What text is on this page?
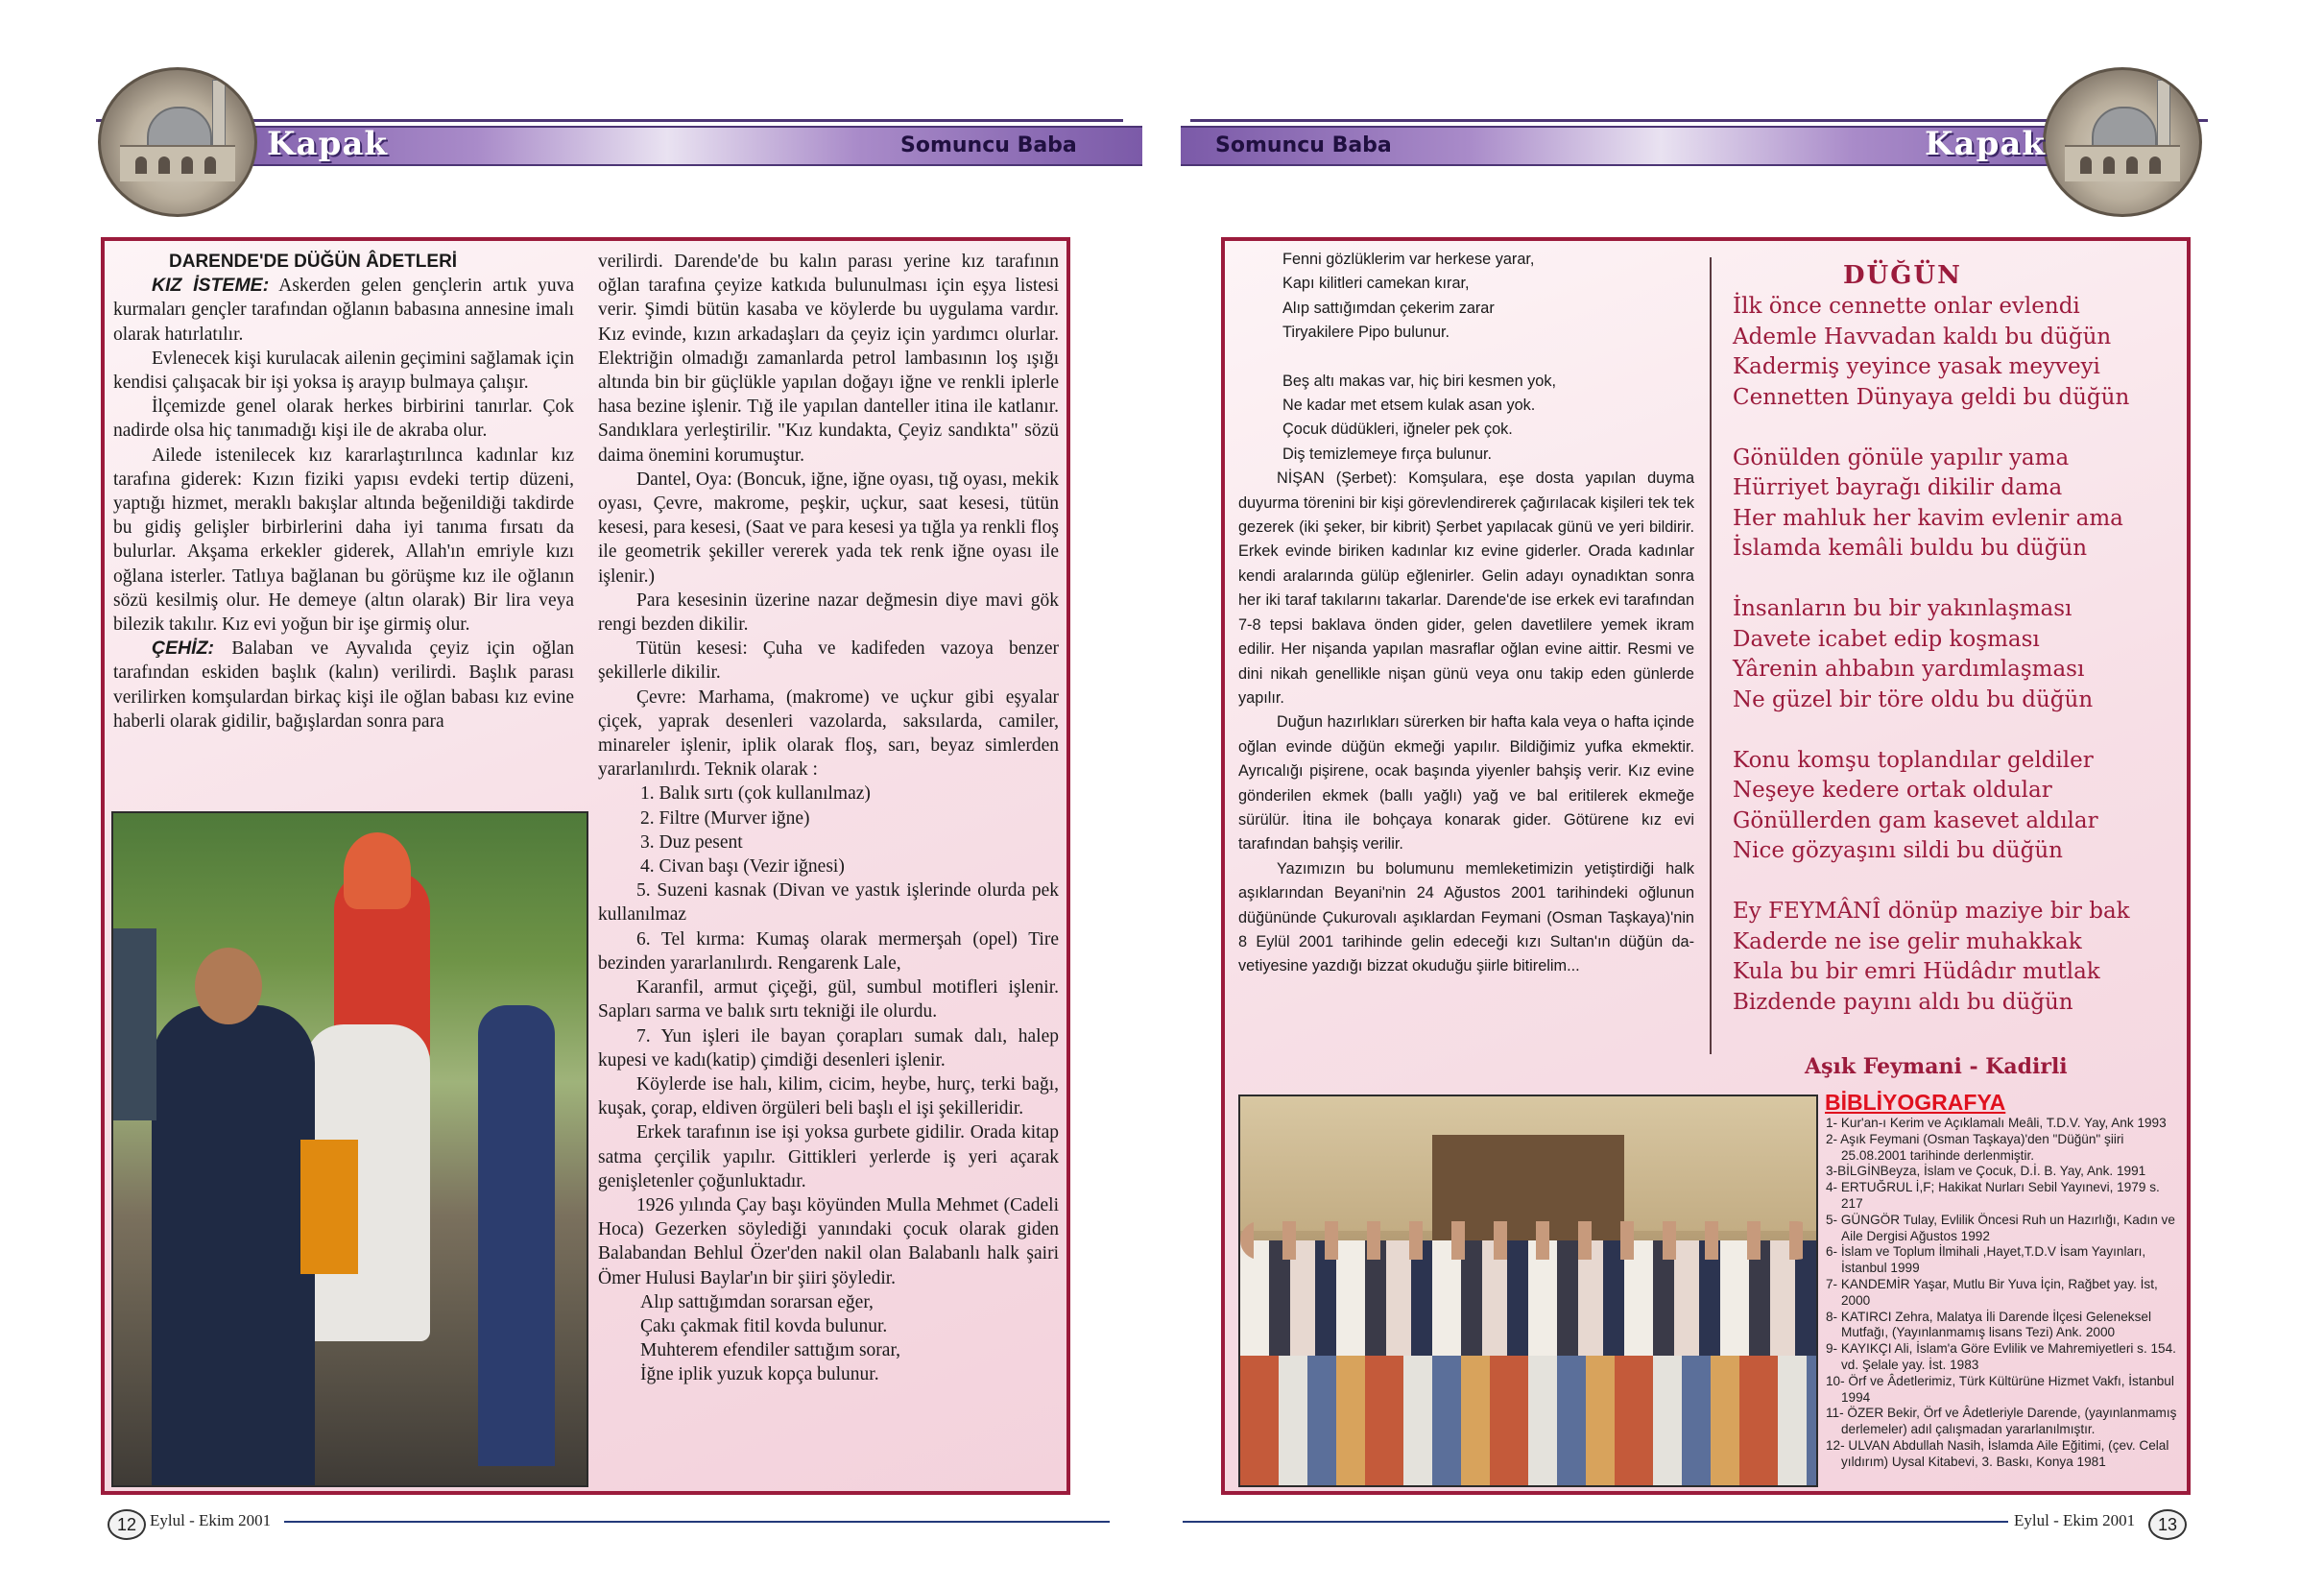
Kapak	Kapak
Somuncu Baba	Somuncu Baba

DARENDE'DE DÜĞÜN ÂDETLERİ

KIZ İSTEME: Askerden gelen gençlerin artık yuva kurmaları gençler tarafından oğlanın babasına annesine imalı olarak hatırlatılır.

Evlenecek kişi kurulacak ailenin geçimini sağlamak için kendisi çalışacak bir işi yoksa iş arayıp bulmaya çalışır.

İlçemizde genel olarak herkes birbirini tanırlar. Çok nadirde olsa hiç tanımadığı kişi ile de akraba olur.

Ailede istenilecek kız kararlaştırılınca kadınlar kız tarafına giderek: Kızın fiziki yapısı evdeki tertip düzeni, yaptığı hizmet, meraklı bakışlar altında beğenildiği takdirde bu gidiş gelişler birbirlerini daha iyi tanıma fırsatı da bulurlar. Akşama erkekler giderek, Allah'ın emriyle kızı oğlana isterler. Tatlıya bağlanan bu görüşme kız ile oğlanın sözü kesilmiş olur. He demeye (altın olarak) Bir lira veya bilezik takılır. Kız evi yoğun bir işe girmiş olur.

ÇEHİZ: Balaban ve Ayvalıda çeyiz için oğlan tarafından eskiden başlık (kalın) verilirdi. Başlık parası verilirken komşulardan birkaç kişi ile oğlan babası kız evine haberli olarak gidilir, bağışlardan sonra para

verilirdi. Darende'de bu kalın parası yerine kız tarafının oğlan tarafına çeyize katkıda bulunulması için eşya listesi verir. Şimdi bütün kasaba ve köylerde bu uygulama vardır. Kız evinde, kızın arkadaşları da çeyiz için yardımcı olurlar. Elektriğin olmadığı zamanlarda petrol lambasının loş ışığı altında bin bir güçlükle yapılan doğayı iğne ve renkli iplerle hasa bezine işlenir. Tığ ile yapılan danteller itina ile katlanır. Sandıklara yerleştirilir. "Kız kundakta, Çeyiz sandıkta" sözü daima önemini korumuştur.

Dantel, Oya: (Boncuk, iğne, iğne oyası, tığ oyası, mekik oyası, Çevre, makrome, peşkir, uçkur, saat kesesi, tütün kesesi, para kesesi, (Saat ve para kesesi ya tığla ya renkli floş ile geometrik şekiller vererek yada tek renk iğne oyası ile işlenir.)

Para kesesinin üzerine nazar değmesin diye mavi gök rengi bezden dikilir.

Tütün kesesi: Çuha ve kadifeden vazoya benzer şekillerle dikilir.

Çevre: Marhama, (makrome) ve uçkur gibi eşyalar çiçek, yaprak desenleri vazolarda, saksılarda, camiler, minareler işlenir, iplik olarak floş, sarı, beyaz simlerden yararlanılırdı. Teknik olarak :

1. Balık sırtı (çok kullanılmaz)
2. Filtre (Murver iğne)
3. Duz pesent
4. Civan başı (Vezir iğnesi)

5. Suzeni kasnak (Divan ve yastık işlerinde olurda pek kullanılmaz

6. Tel kırma: Kumaş olarak mermerşah (opel) Tire bezinden yararlanılırdı. Rengarenk Lale,

Karanfil, armut çiçeği, gül, sumbul motifleri işlenir. Sapları sarma ve balık sırtı tekniği ile olurdu.

7. Yun işleri ile bayan çorapları sumak dalı, halep kupesi ve kadı(katip) çimdiği desenleri işlenir.

Köylerde ise halı, kilim, cicim, heybe, hurç, terki bağı, kuşak, çorap, eldiven örgüleri beli başlı el işi şekilleridir.

Erkek tarafının ise işi yoksa gurbete gidilir. Orada kitap satma çerçilik yapılır. Gittikleri yerlerde iş yeri açarak genişletenler çoğunluktadır.

1926 yılında Çay başı köyünden Mulla Mehmet (Cadeli Hoca) Gezerken söylediği yanındaki çocuk olarak giden Balabandan Behlul Özer'den nakil olan Balabanlı halk şairi Ömer Hulusi Baylar'ın bir şiiri şöyledir.

Alıp sattığımdan sorarsan eğer,
Çakı çakmak fitil kovda bulunur.
Muhterem efendiler sattığım sorar,
İğne iplik yuzuk kopça bulunur.
Fenni gözlüklerim var herkese yarar,
Kapı kilitleri camekan kırar,
Alıp sattığımdan çekerim zarar
Tiryakilere Pipo bulunur.
Beş altı makas var, hiç biri kesmen yok,
Ne kadar met etsem kulak asan yok.
Çocuk düdükleri, iğneler pek çok.
Diş temizlemeye fırça bulunur.

NİŞAN (Şerbet): Komşulara, eşe dosta yapılan duyma duyurma törenini bir kişi görevlendirerek çağırılacak kişileri tek tek gezerek (iki şeker, bir kibrit) Şerbet yapılacak günü ve yeri bildirir. Erkek evinde biriken kadınlar kız evine giderler. Orada kadınlar kendi aralarında gülüp eğlenirler. Gelin adayı oynadıktan sonra her iki taraf takılarını takarlar. Darende'de ise erkek evi tarafından 7-8 tepsi baklava önden gider, gelen davetlilere yemek ikram edilir. Her nişanda yapılan masraflar oğlan evine aittir. Resmi ve dini nikah genellikle nişan günü veya onu takip eden günlerde yapılır.

Duğun hazırlıkları sürerken bir hafta kala veya o hafta içinde oğlan evinde düğün ekmeği yapılır. Bildiğimiz yufka ekmektir. Ayrıcalığı pişirene, ocak başında yiyenler bahşiş verir. Kız evine gönderilen ekmek (ballı yağlı) yağ ve bal eritilerek ekmeğe sürülür. İtina ile bohçaya konarak gider. Götürene kız evi tarafından bahşiş verilir.

Yazımızın bu bolumunu memleketimizin yetiştirdiği halk aşıklarından Beyani'nin 24 Ağustos 2001 tarihindeki oğlunun düğününde Çukurovalı aşıklardan Feymani (Osman Taşkaya)'nin 8 Eylül 2001 tarihinde gelin edeceği kızı Sultan'ın düğün da-vetiyesine yazdığı bizzat okuduğu şiirle bitirelim...

DÜĞÜN
İlk önce cennette onlar evlendi
Ademle Havvadan kaldı bu düğün
Kadermiş yeyince yasak meyveyi
Cennetten Dünyaya geldi bu düğün
Gönülden gönüle yapılır yama
Hürriyet bayrağı dikilir dama
Her mahluk her kavim evlenir ama
İslamda kemâli buldu bu düğün
İnsanların bu bir yakınlaşması
Davete icabet edip koşması
Yârenin ahbabın yardımlaşması
Ne güzel bir töre oldu bu düğün
Konu komşu toplandılar geldiler
Neşeye kedere ortak oldular
Gönüllerden gam kasevet aldılar
Nice gözyaşını sildi bu düğün
Ey FEYMÂNÎ dönüp maziye bir bak
Kaderde ne ise gelir muhakkak
Kula bu bir emri Hüdâdır mutlak
Bizdende payını aldı bu düğün
Aşık Feymani - Kadirli
BİBLİYOGRAFYA
1- Kur'an-ı Kerim ve Açıklamalı Meâli, T.D.V. Yay, Ank 1993
2- Aşık Feymani (Osman Taşkaya)'den "Düğün" şiiri 25.08.2001 tarihinde derlenmiştir.
3-BİLGİNBeyza, İslam ve Çocuk, D.İ. B. Yay, Ank. 1991
4- ERTUĞRUL İ,F; Hakikat Nurları Sebil Yayınevi, 1979 s. 217
5- GÜNGÖR Tulay, Evlilik Öncesi Ruh un Hazırlığı, Kadın ve Aile Dergisi Ağustos 1992
6- İslam ve Toplum İlmihali ,Hayet,T.D.V İsam Yayınları, İstanbul 1999
7- KANDEMİR Yaşar, Mutlu Bir Yuva İçin, Rağbet yay. İst, 2000
8- KATIRCI Zehra, Malatya İli Darende İlçesi Geleneksel Mutfağı, (Yayınlanmamış lisans Tezi) Ank. 2000
9- KAYIKÇI Ali, İslam'a Göre Evlilik ve Mahremiyetleri s. 154. vd. Şelale yay. İst. 1983
10- Örf ve Âdetlerimiz, Türk Kültürüne Hizmet Vakfı, İstanbul 1994
11- ÖZER Bekir, Örf ve Âdetleriyle Darende, (yayınlanmamış derlemeler) adıl çalışmadan yararlanılmıştır.
12- ULVAN Abdullah Nasih, İslamda Aile Eğitimi, (çev. Celal yıldırım) Uysal Kitabevi, 3. Baskı, Konya 1981
12 Eylul - Ekim 2001	Eylul - Ekim 2001	13
